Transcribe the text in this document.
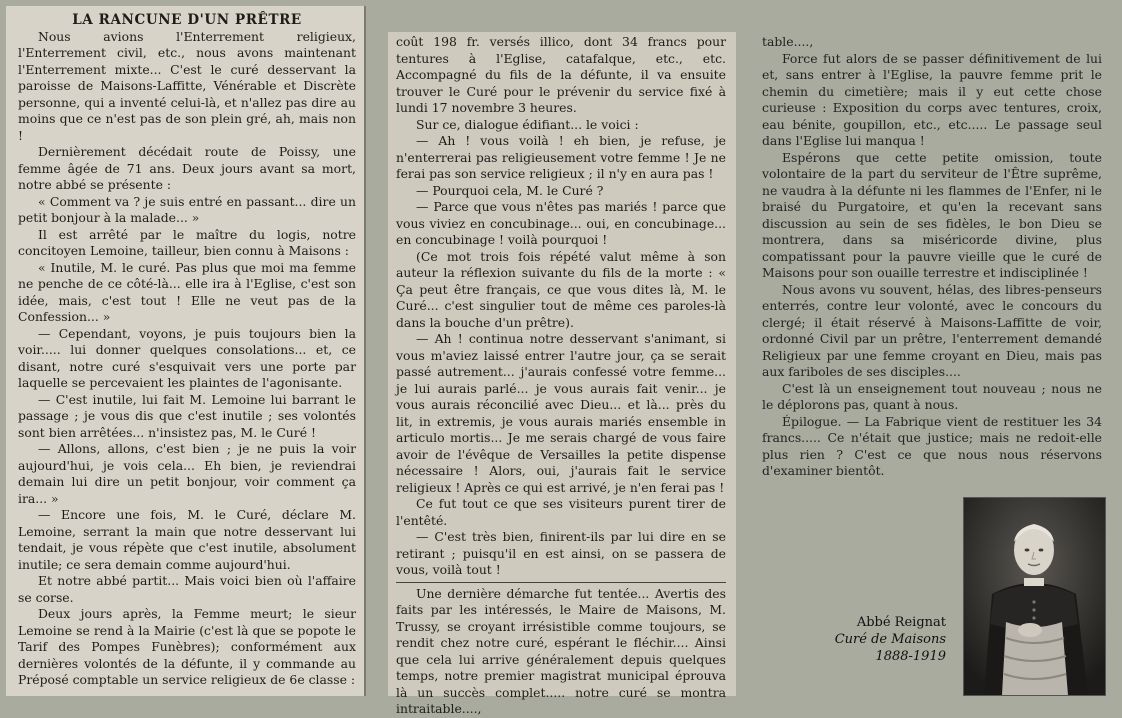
LA RANCUNE D'UN PRÊTRE

Nous avions l'Enterrement religieux, l'Enterrement civil, etc., nous avons maintenant l'Enterrement mixte... C'est le curé desservant la paroisse de Maisons-Laffitte, Vénérable et Discrète personne, qui a inventé celui-là, et n'allez pas dire au moins que ce n'est pas de son plein gré, ah, mais non !

Dernièrement décédait route de Poissy, une femme âgée de 71 ans. Deux jours avant sa mort, notre abbé se présente :

« Comment va ? je suis entré en passant... dire un petit bonjour à la malade... »

Il est arrêté par le maître du logis, notre concitoyen Lemoine, tailleur, bien connu à Maisons :

« Inutile, M. le curé. Pas plus que moi ma femme ne penche de ce côté-là... elle ira à l'Eglise, c'est son idée, mais, c'est tout ! Elle ne veut pas de la Confession... »

— Cependant, voyons, je puis toujours bien la voir..... lui donner quelques consolations... et, ce disant, notre curé s'esquivait vers une porte par laquelle se percevaient les plaintes de l'agonisante.

— C'est inutile, lui fait M. Lemoine lui barrant le passage ; je vous dis que c'est inutile ; ses volontés sont bien arrêtées... n'insistez pas, M. le Curé !

— Allons, allons, c'est bien ; je ne puis la voir aujourd'hui, je vois cela... Eh bien, je reviendrai demain lui dire un petit bonjour, voir comment ça ira... »

— Encore une fois, M. le Curé, déclare M. Lemoine, serrant la main que notre desservant lui tendait, je vous répète que c'est inutile, absolument inutile; ce sera demain comme aujourd'hui.

Et notre abbé partit... Mais voici bien où l'affaire se corse.

Deux jours après, la Femme meurt; le sieur Lemoine se rend à la Mairie (c'est là que se popote le Tarif des Pompes Funèbres); conformément aux dernières volontés de la défunte, il y commande au Préposé comptable un service religieux de 6e classe :

coût 198 fr. versés illico, dont 34 francs pour tentures à l'Eglise, catafalque, etc., etc. Accompagné du fils de la défunte, il va ensuite trouver le Curé pour le prévenir du service fixé à lundi 17 novembre 3 heures.

Sur ce, dialogue édifiant... le voici :

— Ah ! vous voilà ! eh bien, je refuse, je n'enterrerai pas religieusement votre femme ! Je ne ferai pas son service religieux ; il n'y en aura pas !

— Pourquoi cela, M. le Curé ?

— Parce que vous n'êtes pas mariés ! parce que vous viviez en concubinage... oui, en concubinage... en concubinage ! voilà pourquoi !

(Ce mot trois fois répété valut même à son auteur la réflexion suivante du fils de la morte : « Ça peut être français, ce que vous dites là, M. le Curé... c'est singulier tout de même ces paroles-là dans la bouche d'un prêtre).

— Ah ! continua notre desservant s'animant, si vous m'aviez laissé entrer l'autre jour, ça se serait passé autrement... j'aurais confessé votre femme... je lui aurais parlé... je vous aurais fait venir... je vous aurais réconcilié avec Dieu... et là... près du lit, in extremis, je vous aurais mariés ensemble in articulo mortis... Je me serais chargé de vous faire avoir de l'évêque de Versailles la petite dispense nécessaire ! Alors, oui, j'aurais fait le service religieux ! Après ce qui est arrivé, je n'en ferai pas !

Ce fut tout ce que ses visiteurs purent tirer de l'entêté.

— C'est très bien, finirent-ils par lui dire en se retirant ; puisqu'il en est ainsi, on se passera de vous, voilà tout !

Une dernière démarche fut tentée... Avertis des faits par les intéressés, le Maire de Maisons, M. Trussy, se croyant irrésistible comme toujours, se rendit chez notre curé, espérant le fléchir.... Ainsi que cela lui arrive généralement depuis quelques temps, notre premier magistrat municipal éprouva là un succès complet..... notre curé se montra intraitable....,

table....,

Force fut alors de se passer définitivement de lui et, sans entrer à l'Eglise, la pauvre femme prit le chemin du cimetière; mais il y eut cette chose curieuse : Exposition du corps avec tentures, croix, eau bénite, goupillon, etc., etc..... Le passage seul dans l'Eglise lui manqua !

Espérons que cette petite omission, toute volontaire de la part du serviteur de l'Être suprême, ne vaudra à la défunte ni les flammes de l'Enfer, ni le braisé du Purgatoire, et qu'en la recevant sans discussion au sein de ses fidèles, le bon Dieu se montrera, dans sa miséricorde divine, plus compatissant pour la pauvre vieille que le curé de Maisons pour son ouaille terrestre et indisciplinée !

Nous avons vu souvent, hélas, des libres-penseurs enterrés, contre leur volonté, avec le concours du clergé; il était réservé à Maisons-Laffitte de voir, ordonné Civil par un prêtre, l'enterrement demandé Religieux par une femme croyant en Dieu, mais pas aux fariboles de ses disciples....

C'est là un enseignement tout nouveau ; nous ne le déplorons pas, quant à nous.

Épilogue. — La Fabrique vient de restituer les 34 francs..... Ce n'était que justice; mais ne redoit-elle plus rien ? C'est ce que nous nous réservons d'examiner bientôt.

Abbé Reignat
Curé de Maisons
1888-1919
